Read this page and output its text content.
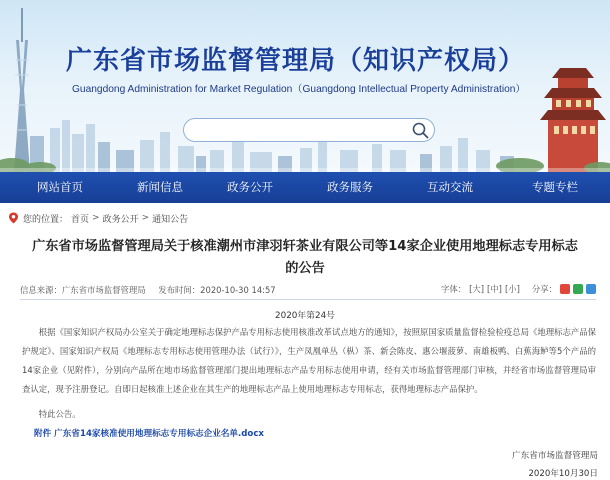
广东省市场监督管理局（知识产权局）
Guangdong Administration for Market Regulation（Guangdong Intellectual Property Administration）
网站首页	新闻信息	政务公开	政务服务	互动交流	专题专栏
您的位置： 首页 > 政务公开 > 通知公告
广东省市场监督管理局关于核准潮州市津羽轩茶业有限公司等14家企业使用地理标志专用标志
的公告
信息来源：广东省市场监督管理局 发布时间：2020-10-30 14:57	字体： [大] [中] [小] 分享：
2020年第24号
根据《国家知识产权局办公室关于确定地理标志保护产品专用标志使用核准改革试点地方的通知》，按照原国家质量监督检验检疫总局《地理标志产品保护规定》、国家知识产权局《地理标志专用标志使用管理办法（试行）》，生产凤凰单丛（枞）茶、新会陈皮、惠公堰菠萝、南雄板鸭、白蕉海鲈等5个产品的14家企业（见附件），分别向产品所在地市场监督管理部门提出地理标志产品专用标志使用申请，经有关市场监督管理部门审核，并经省市场监督管理局审查认定，现予注册登记。自即日起核准上述企业在其生产的地理标志产品上使用地理标志专用标志，获得地理标志产品保护。
特此公告。
附件 广东省14家核准使用地理标志专用标志企业名单.docx
广东省市场监督管理局
2020年10月30日
